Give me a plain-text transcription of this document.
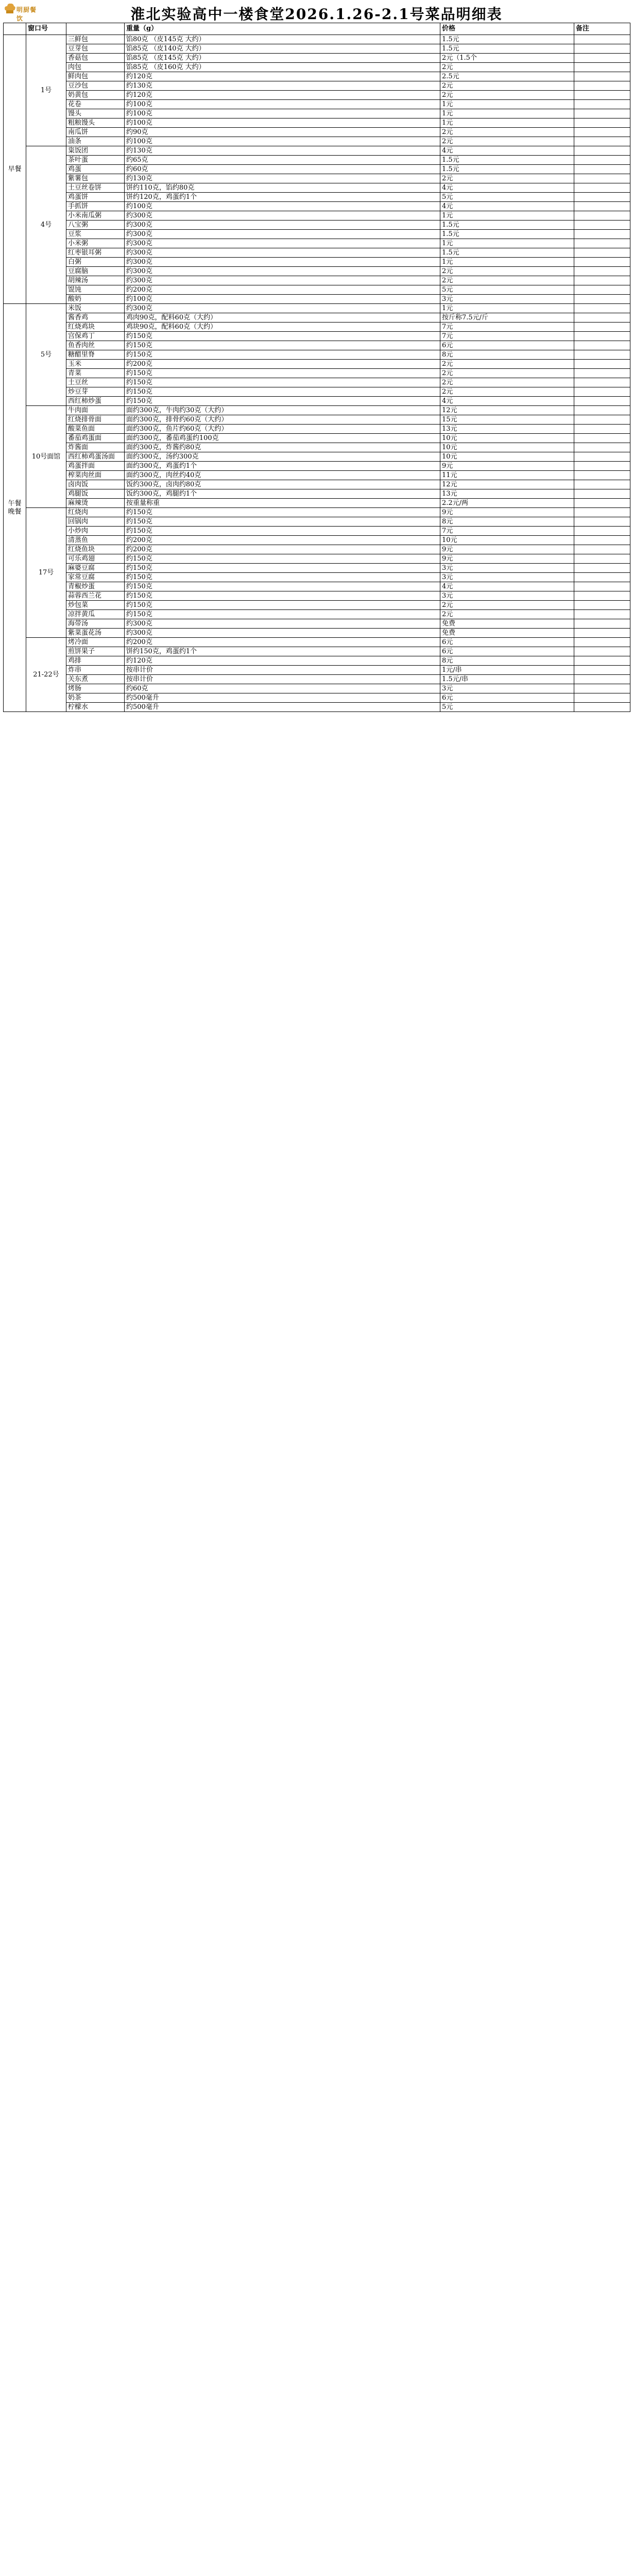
明厨餐饮	淮北实验高中一楼食堂2026.1.26-2.1号菜品明细表
	窗口号		重量（g）	价格	备注
早餐	1号	三鲜包	馅80克 （皮145克 大约）	1.5元	
		豆芽包	馅85克 （皮140克 大约）	1.5元	
		香菇包	馅85克 （皮145克 大约）	2元（1.5个	
		肉包	馅85克 （皮160克 大约）	2元	
		鲜肉包	约120克	2.5元	
		豆沙包	约130克	2元	
		奶黄包	约120克	2元	
		花卷	约100克	1元	
		馒头	约100克	1元	
		粗粮馒头	约100克	1元	
		南瓜饼	约90克	2元	
		油条	约100克	2元	
	4号	粢饭团	约130克	4元	
		茶叶蛋	约65克	1.5元	
		鸡蛋	约60克	1.5元	
		紫薯包	约130克	2元	
		土豆丝卷饼	饼约110克，馅约80克	4元	
		鸡蛋饼	饼约120克，鸡蛋约1个	5元	
		手抓饼	约100克	4元	
		小米南瓜粥	约300克	1元	
		八宝粥	约300克	1.5元	
		豆浆	约300克	1.5元	
		小米粥	约300克	1元	
		红枣银耳粥	约300克	1.5元	
		白粥	约300克	1元	
		豆腐脑	约300克	2元	
		胡辣汤	约300克	2元	
		馄饨	约200克	5元	
		酸奶	约100克	3元	
午餐晚餐	5号	米饭	约300克	1元	
		酱香鸡	鸡肉90克，配料60克（大约）	按斤称7.5元/斤	
		红烧鸡块	鸡块90克，配料60克（大约）	7元	
		宫保鸡丁	约150克	7元	
		鱼香肉丝	约150克	6元	
		糖醋里脊	约150克	8元	
		玉米	约200克	2元	
		青菜	约150克	2元	
		土豆丝	约150克	2元	
		炒豆芽	约150克	2元	
		西红柿炒蛋	约150克	4元	
	10号面馆	牛肉面	面约300克，牛肉约30克（大约）	12元	
		红烧排骨面	面约300克，排骨约60克（大约）	15元	
		酸菜鱼面	面约300克，鱼片约60克（大约）	13元	
		番茄鸡蛋面	面约300克，番茄鸡蛋约100克	10元	
		炸酱面	面约300克，炸酱约80克	10元	
		西红柿鸡蛋汤面	面约300克，汤约300克	10元	
		鸡蛋拌面	面约300克，鸡蛋约1个	9元	
		榨菜肉丝面	面约300克，肉丝约40克	11元	
		卤肉饭	饭约300克，卤肉约80克	12元	
		鸡腿饭	饭约300克，鸡腿约1个	13元	
		麻辣烫	按重量称重	2.2元/两	
	17号	红烧肉	约150克	9元	
		回锅肉	约150克	8元	
		小炒肉	约150克	7元	
		清蒸鱼	约200克	10元	
		红烧鱼块	约200克	9元	
		可乐鸡翅	约150克	9元	
		麻婆豆腐	约150克	3元	
		家常豆腐	约150克	3元	
		青椒炒蛋	约150克	4元	
		蒜蓉西兰花	约150克	3元	
		炒包菜	约150克	2元	
		凉拌黄瓜	约150克	2元	
		海带汤	约300克	免费	
		紫菜蛋花汤	约300克	免费	
	21-22号	烤冷面	约200克	6元	
		煎饼果子	饼约150克，鸡蛋约1个	6元	
		鸡排	约120克	8元	
		炸串	按串计价	1元/串	
		关东煮	按串计价	1.5元/串	
		烤肠	约60克	3元	
		奶茶	约500毫升	6元	
		柠檬水	约500毫升	5元	
